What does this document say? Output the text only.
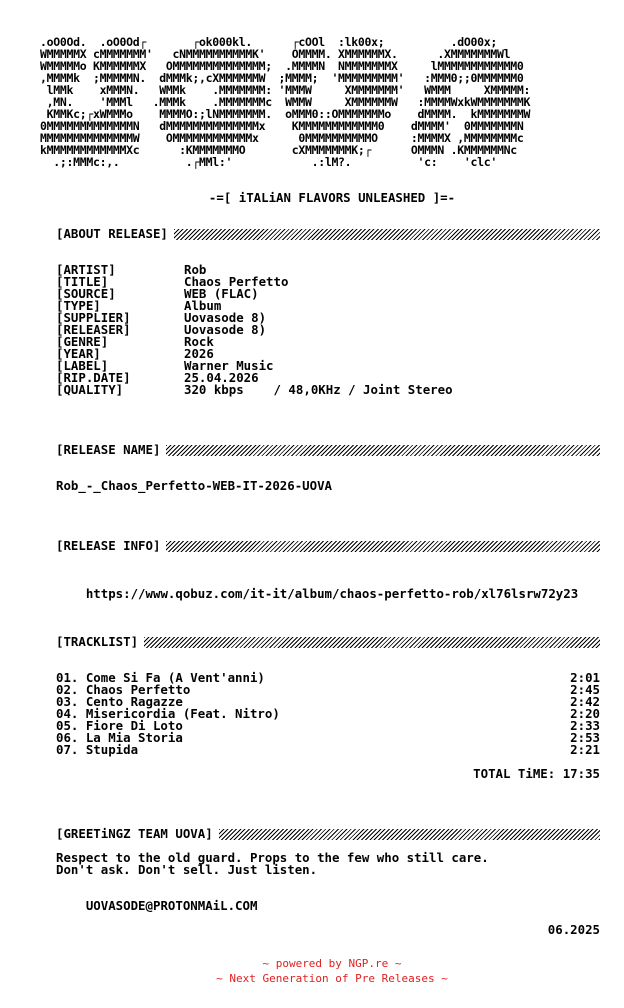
.oO0Od.  .oO0Od┌       ┌ok000kl.      ┌cOOl  :lk00x;          .dO00x;
WMMMMMX cMMMMMMM'   cNMMMMMMMMMMK'    OMMMM. XMMMMMMX.      .XMMMMMMMWl
WMMMMMo KMMMMMMX   OMMMMMMMMMMMMMM;  .MMMMN  NMMMMMMMX     lMMMMMMMMMMMM0
,MMMMk  ;MMMMMN.  dMMMk;,cXMMMMMMW  ;MMMM;  'MMMMMMMMM'   :MMM0;;0MMMMMM0
lMMk    xMMMN.   WMMk    .MMMMMMM: 'MMMW     XMMMMMMM'   WMMM     XMMMMM:
,MN.    'MMMl   .MMMk    .MMMMMMMc  WMMW     XMMMMMMW   :MMMMWxkWMMMMMMMK
KMMKc;┌xWMMMo    MMMMO:;lNMMMMMMM.  oMMM0::OMMMMMMMo    dMMMM.  kMMMMMMMW
0MMMMMMMMMMMMMN   dMMMMMMMMMMMMMMx    KMMMMMMMMMMMM0    dMMMM'  0MMMMMMMN
MMMMMMMMMMMMMMW    OMMMMMMMMMMMMx      0MMMMMMMMMMO     :MMMMX ,MMMMMMMMc
kMMMMMMMMMMMMXc      :KMMMMMMMO       cXMMMMMMMK;┌      OMMMN .KMMMMMMNc
.;:MMMc:,.          .┌MMl:'            .:lM?.          'c:    'clc'
-=[ iTALiAN FLAVORS UNLEASHED ]=-
[ABOUT RELEASE]
[ARTIST]	Rob
[TITLE]	Chaos Perfetto
[SOURCE]	WEB (FLAC)
[TYPE]	Album
[SUPPLIER]	Uovasode 8)
[RELEASER]	Uovasode 8)
[GENRE]	Rock
[YEAR]	2026
[LABEL]	Warner Music
[RIP.DATE]	25.04.2026
[QUALITY]	320 kbps    / 48,0KHz / Joint Stereo
[RELEASE NAME]
Rob_-_Chaos_Perfetto-WEB-IT-2026-UOVA
[RELEASE INFO]

https://www.qobuz.com/it-it/album/chaos-perfetto-rob/xl76lsrw72y23

[TRACKLIST]
01. Come Si Fa (A Vent'anni)	2:01
02. Chaos Perfetto	2:45
03. Cento Ragazze	2:42
04. Misericordia (Feat. Nitro)	2:20
05. Fiore Di Loto	2:33
06. La Mia Storia	2:53
07. Stupida	2:21
TOTAL TiME: 17:35
[GREETiNGZ TEAM UOVA]
Respect to the old guard. Props to the few who still care.
Don't ask. Don't sell. Just listen.

UOVASODE@PROTONMAiL.COM

06.2025
~ powered by NGP.re ~
~ Next Generation of Pre Releases ~
